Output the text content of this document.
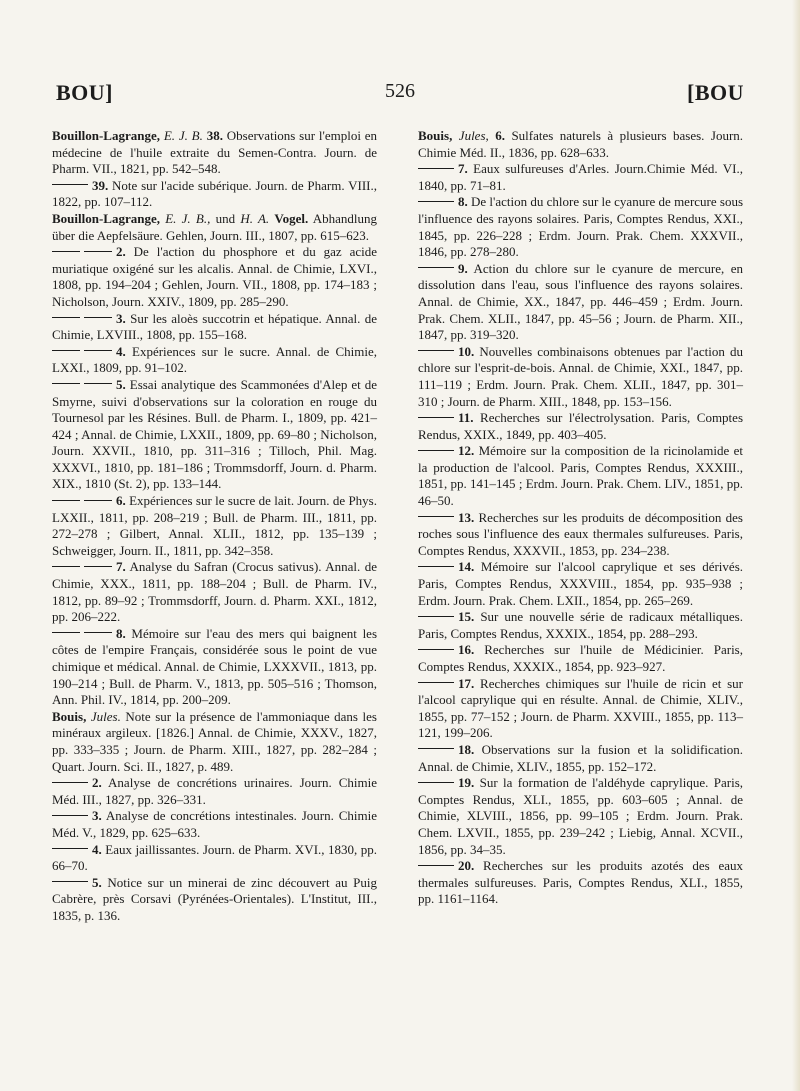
BOU]	526	[BOU
Bouillon-Lagrange, E. J. B. 38. Observations sur l'emploi en médecine de l'huile extraite du Semen-Contra. Journ. de Pharm. VII., 1821, pp. 542–548.
39. Note sur l'acide subérique. Journ. de Pharm. VIII., 1822, pp. 107–112.
Bouillon-Lagrange, E. J. B., und H. A. Vogel. Abhandlung über die Aepfelsäure. Gehlen, Journ. III., 1807, pp. 615–623.
2. De l'action du phosphore et du gaz acide muriatique oxigéné sur les alcalis. Annal. de Chimie, LXVI., 1808, pp. 194–204 ; Gehlen, Journ. VII., 1808, pp. 174–183 ; Nicholson, Journ. XXIV., 1809, pp. 285–290.
3. Sur les aloès succotrin et hépatique. Annal. de Chimie, LXVIII., 1808, pp. 155–168.
4. Expériences sur le sucre. Annal. de Chimie, LXXI., 1809, pp. 91–102.
5. Essai analytique des Scammonées d'Alep et de Smyrne, suivi d'observations sur la coloration en rouge du Tournesol par les Résines. Bull. de Pharm. I., 1809, pp. 421–424 ; Annal. de Chimie, LXXII., 1809, pp. 69–80 ; Nicholson, Journ. XXVII., 1810, pp. 311–316 ; Tilloch, Phil. Mag. XXXVI., 1810, pp. 181–186 ; Trommsdorff, Journ. d. Pharm. XIX., 1810 (St. 2), pp. 133–144.
6. Expériences sur le sucre de lait. Journ. de Phys. LXXII., 1811, pp. 208–219 ; Bull. de Pharm. III., 1811, pp. 272–278 ; Gilbert, Annal. XLII., 1812, pp. 135–139 ; Schweigger, Journ. II., 1811, pp. 342–358.
7. Analyse du Safran (Crocus sativus). Annal. de Chimie, XXX., 1811, pp. 188–204 ; Bull. de Pharm. IV., 1812, pp. 89–92 ; Trommsdorff, Journ. d. Pharm. XXI., 1812, pp. 206–222.
8. Mémoire sur l'eau des mers qui baignent les côtes de l'empire Français, considérée sous le point de vue chimique et médical. Annal. de Chimie, LXXXVII., 1813, pp. 190–214 ; Bull. de Pharm. V., 1813, pp. 505–516 ; Thomson, Ann. Phil. IV., 1814, pp. 200–209.
Bouis, Jules. Note sur la présence de l'ammoniaque dans les minéraux argileux. [1826.] Annal. de Chimie, XXXV., 1827, pp. 333–335 ; Journ. de Pharm. XIII., 1827, pp. 282–284 ; Quart. Journ. Sci. II., 1827, p. 489.
2. Analyse de concrétions urinaires. Journ. Chimie Méd. III., 1827, pp. 326–331.
3. Analyse de concrétions intestinales. Journ. Chimie Méd. V., 1829, pp. 625–633.
4. Eaux jaillissantes. Journ. de Pharm. XVI., 1830, pp. 66–70.
5. Notice sur un minerai de zinc découvert au Puig Cabrère, près Corsavi (Pyrénées-Orientales). L'Institut, III., 1835, p. 136.
Bouis, Jules, 6. Sulfates naturels à plusieurs bases. Journ. Chimie Méd. II., 1836, pp. 628–633.
7. Eaux sulfureuses d'Arles. Journ.Chimie Méd. VI., 1840, pp. 71–81.
8. De l'action du chlore sur le cyanure de mercure sous l'influence des rayons solaires. Paris, Comptes Rendus, XXI., 1845, pp. 226–228 ; Erdm. Journ. Prak. Chem. XXXVII., 1846, pp. 278–280.
9. Action du chlore sur le cyanure de mercure, en dissolution dans l'eau, sous l'influence des rayons solaires. Annal. de Chimie, XX., 1847, pp. 446–459 ; Erdm. Journ. Prak. Chem. XLII., 1847, pp. 45–56 ; Journ. de Pharm. XII., 1847, pp. 319–320.
10. Nouvelles combinaisons obtenues par l'action du chlore sur l'esprit-de-bois. Annal. de Chimie, XXI., 1847, pp. 111–119 ; Erdm. Journ. Prak. Chem. XLII., 1847, pp. 301–310 ; Journ. de Pharm. XIII., 1848, pp. 153–156.
11. Recherches sur l'électrolysation. Paris, Comptes Rendus, XXIX., 1849, pp. 403–405.
12. Mémoire sur la composition de la ricinolamide et la production de l'alcool. Paris, Comptes Rendus, XXXIII., 1851, pp. 141–145 ; Erdm. Journ. Prak. Chem. LIV., 1851, pp. 46–50.
13. Recherches sur les produits de décomposition des roches sous l'influence des eaux thermales sulfureuses. Paris, Comptes Rendus, XXXVII., 1853, pp. 234–238.
14. Mémoire sur l'alcool caprylique et ses dérivés. Paris, Comptes Rendus, XXXVIII., 1854, pp. 935–938 ; Erdm. Journ. Prak. Chem. LXII., 1854, pp. 265–269.
15. Sur une nouvelle série de radicaux métalliques. Paris, Comptes Rendus, XXXIX., 1854, pp. 288–293.
16. Recherches sur l'huile de Médicinier. Paris, Comptes Rendus, XXXIX., 1854, pp. 923–927.
17. Recherches chimiques sur l'huile de ricin et sur l'alcool caprylique qui en résulte. Annal. de Chimie, XLIV., 1855, pp. 77–152 ; Journ. de Pharm. XXVIII., 1855, pp. 113–121, 199–206.
18. Observations sur la fusion et la solidification. Annal. de Chimie, XLIV., 1855, pp. 152–172.
19. Sur la formation de l'aldéhyde caprylique. Paris, Comptes Rendus, XLI., 1855, pp. 603–605 ; Annal. de Chimie, XLVIII., 1856, pp. 99–105 ; Erdm. Journ. Prak. Chem. LXVII., 1855, pp. 239–242 ; Liebig, Annal. XCVII., 1856, pp. 34–35.
20. Recherches sur les produits azotés des eaux thermales sulfureuses. Paris, Comptes Rendus, XLI., 1855, pp. 1161–1164.
